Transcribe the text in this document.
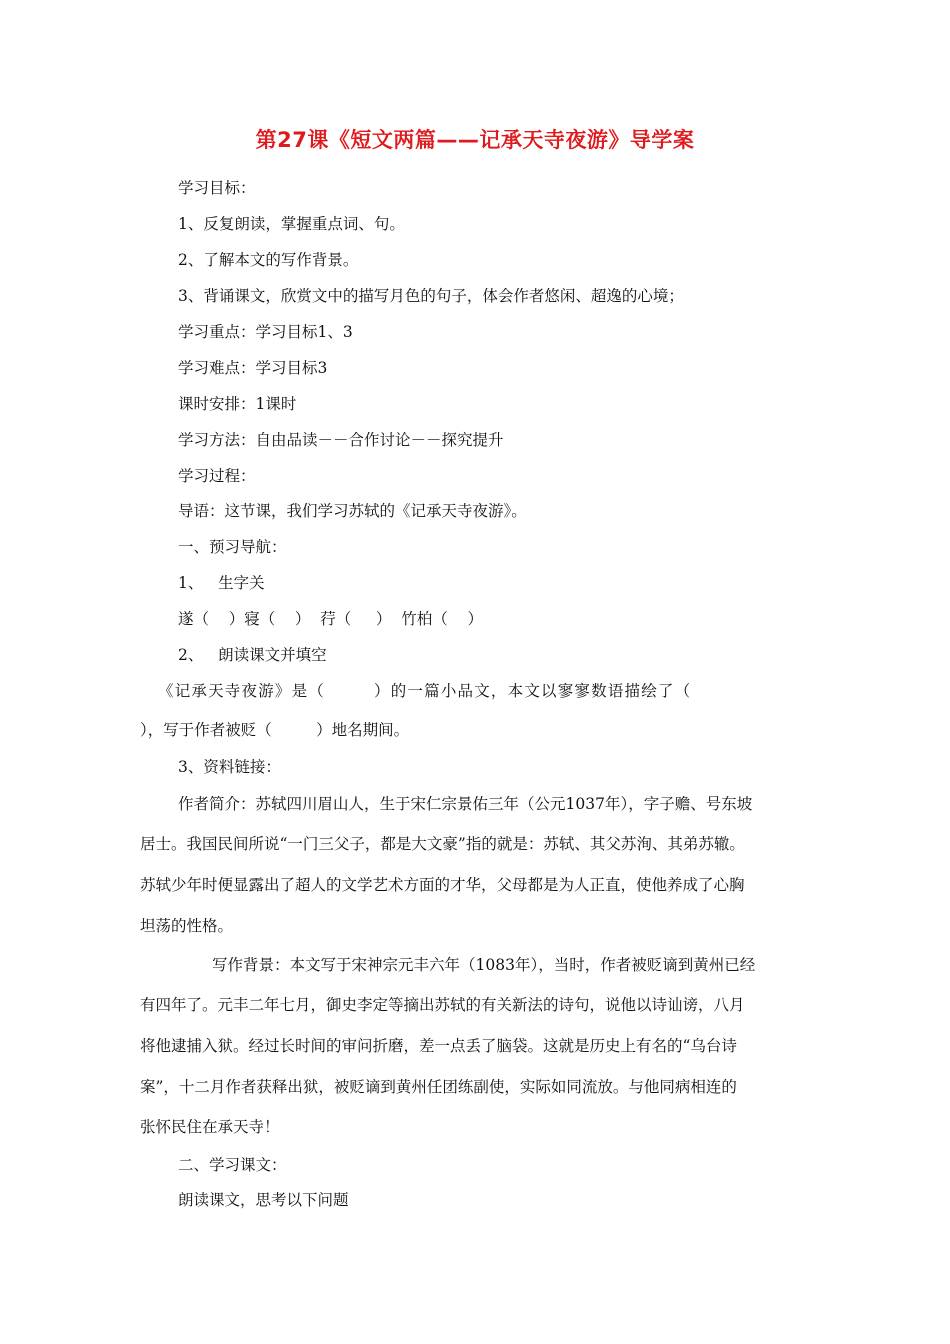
第27课《短文两篇——记承天寺夜游》导学案
学习目标：
1、反复朗读，掌握重点词、句。
2、了解本文的写作背景。
3、背诵课文，欣赏文中的描写月色的句子，体会作者悠闲、超逸的心境；
学习重点：学习目标1、3
学习难点：学习目标3
课时安排：1课时
学习方法：自由品读－－合作讨论－－探究提升
学习过程：
导语：这节课，我们学习苏轼的《记承天寺夜游》。
一、预习导航：
1、   生字关
遂（    ）寝（    ）  荇（     ）  竹柏（    ）
2、   朗读课文并填空
《记承天寺夜游》是（        ）的一篇小品文，本文以寥寥数语描绘了（
），写于作者被贬（         ）地名期间。
3、资料链接：
作者简介：苏轼四川眉山人，生于宋仁宗景佑三年（公元1037年），字子赡、号东坡
居士。我国民间所说“一门三父子，都是大文豪”指的就是：苏轼、其父苏洵、其弟苏辙。
苏轼少年时便显露出了超人的文学艺术方面的才华，父母都是为人正直，使他养成了心胸
坦荡的性格。
写作背景：本文写于宋神宗元丰六年（1083年），当时，作者被贬谪到黄州已经
有四年了。元丰二年七月，御史李定等摘出苏轼的有关新法的诗句，说他以诗讪谤，八月
将他逮捕入狱。经过长时间的审问折磨，差一点丢了脑袋。这就是历史上有名的“乌台诗
案”，十二月作者获释出狱，被贬谪到黄州任团练副使，实际如同流放。与他同病相连的
张怀民住在承天寺！
二、学习课文：
朗读课文，思考以下问题
